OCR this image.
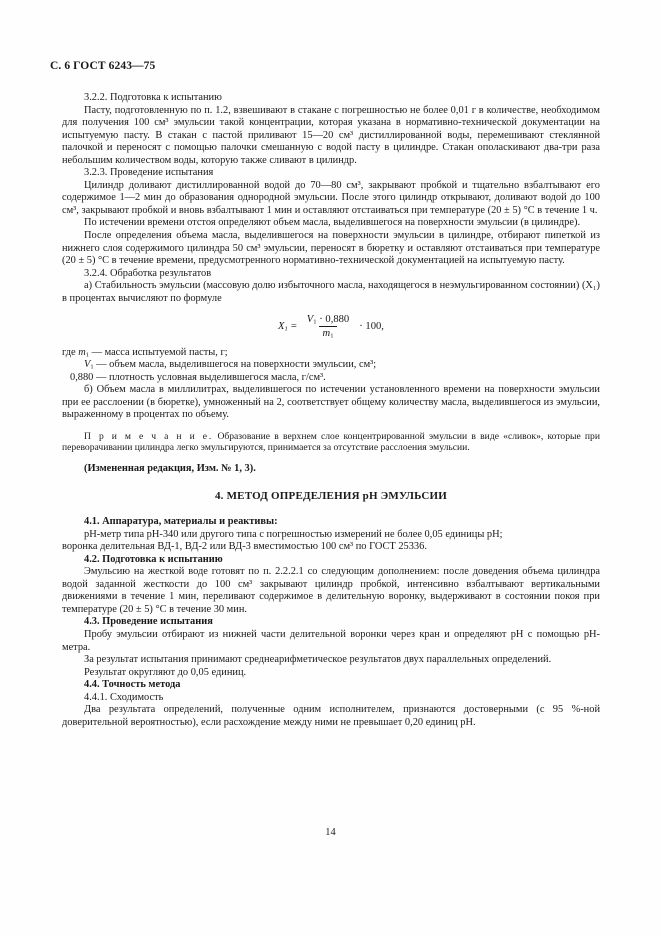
С. 6 ГОСТ 6243—75

3.2.2. Подготовка к испытанию

Пасту, подготовленную по п. 1.2, взвешивают в стакане с погрешностью не более 0,01 г в количестве, необходимом для получения 100 см³ эмульсии такой концентрации, которая указана в нормативно-технической документации на испытуемую пасту. В стакан с пастой приливают 15—20 см³ дистиллированной воды, перемешивают стеклянной палочкой и переносят с помощью палочки смешанную с водой пасту в цилиндре. Стакан ополаскивают два-три раза небольшим количеством воды, которую также сливают в цилиндр.

3.2.3. Проведение испытания

Цилиндр доливают дистиллированной водой до 70—80 см³, закрывают пробкой и тщательно взбалтывают его содержимое 1—2 мин до образования однородной эмульсии. После этого цилиндр открывают, доливают водой до 100 см³, закрывают пробкой и вновь взбалтывают 1 мин и оставляют отстаиваться при температуре (20 ± 5) °С в течение 1 ч.

По истечении времени отстоя определяют объем масла, выделившегося на поверхности эмульсии (в цилиндре).

После определения объема масла, выделившегося на поверхности эмульсии в цилиндре, отбирают пипеткой из нижнего слоя содержимого цилиндра 50 см³ эмульсии, переносят в бюретку и оставляют отстаиваться при температуре (20 ± 5) °С в течение времени, предусмотренного нормативно-технической документацией на испытуемую пасту.

3.2.4. Обработка результатов

а) Стабильность эмульсии (массовую долю избыточного масла, находящегося в неэмульгированном состоянии) (X₁) в процентах вычисляют по формуле

$X_1 = \frac{V_1 \cdot 0,880}{m_1} \cdot 100$,

где $m_1$ — масса испытуемой пасты, г;

$V_1$ — объем масла, выделившегося на поверхности эмульсии, см³;

0,880 — плотность условная выделившегося масла, г/см³.

б) Объем масла в миллилитрах, выделившегося по истечении установленного времени на поверхности эмульсии при ее расслоении (в бюретке), умноженный на 2, соответствует общему количеству масла, выделившегося из эмульсии, выраженному в процентах по объему.

П р и м е ч а н и е. Образование в верхнем слое концентрированной эмульсии в виде «сливок», которые при переворачивании цилиндра легко эмульгируются, принимается за отсутствие расслоения эмульсии.

(Измененная редакция, Изм. № 1, 3).

4. МЕТОД ОПРЕДЕЛЕНИЯ pH ЭМУЛЬСИИ

4.1. Аппаратура, материалы и реактивы:

pH-метр типа pH-340 или другого типа с погрешностью измерений не более 0,05 единицы pH;

воронка делительная ВД-1, ВД-2 или ВД-3 вместимостью 100 см³ по ГОСТ 25336.

4.2. Подготовка к испытанию

Эмульсию на жесткой воде готовят по п. 2.2.2.1 со следующим дополнением: после доведения объема цилиндра водой заданной жесткости до 100 см³ закрывают цилиндр пробкой, интенсивно взбалтывают вертикальными движениями в течение 1 мин, переливают содержимое в делительную воронку, выдерживают в состоянии покоя при температуре (20 ± 5) °С в течение 30 мин.

4.3. Проведение испытания

Пробу эмульсии отбирают из нижней части делительной воронки через кран и определяют pH с помощью pH-метра.

За результат испытания принимают среднеарифметическое результатов двух параллельных определений.

Результат округляют до 0,05 единиц.

4.4. Точность метода

4.4.1. Сходимость

Два результата определений, полученные одним исполнителем, признаются достоверными (с 95 %-ной доверительной вероятностью), если расхождение между ними не превышает 0,20 единиц pH.

14
